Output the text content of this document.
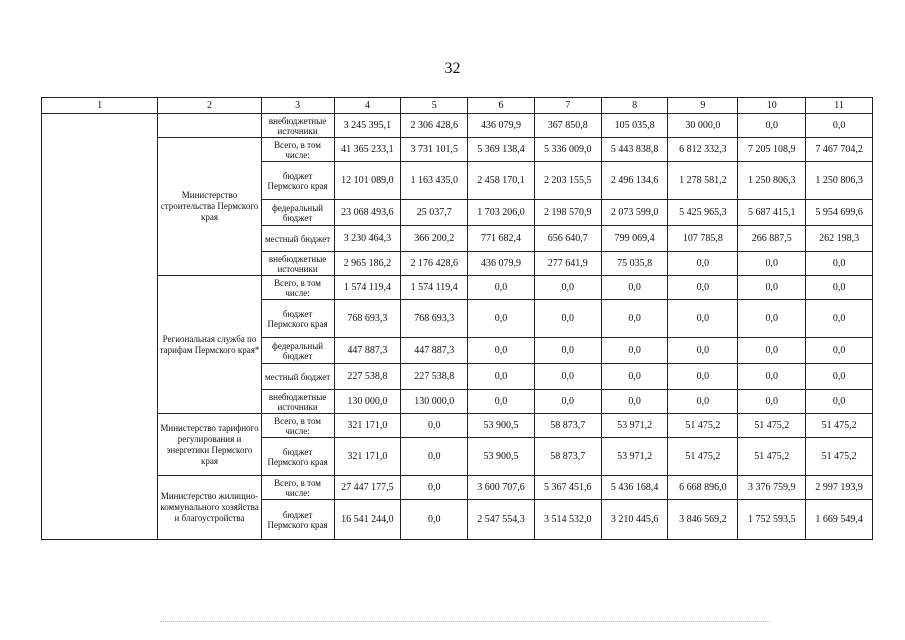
32
1	2	3	4	5	6	7	8	9	10	11
		внебюджетные источники	3 245 395,1	2 306 428,6	436 079,9	367 850,8	105 035,8	30 000,0	0,0	0,0
	Министерство строительства Пермского края	Всего, в том числе:	41 365 233,1	3 731 101,5	5 369 138,4	5 336 009,0	5 443 838,8	6 812 332,3	7 205 108,9	7 467 704,2
		бюджет Пермского края	12 101 089,0	1 163 435,0	2 458 170,1	2 203 155,5	2 496 134,6	1 278 581,2	1 250 806,3	1 250 806,3
		федеральный бюджет	23 068 493,6	25 037,7	1 703 206,0	2 198 570,9	2 073 599,0	5 425 965,3	5 687 415,1	5 954 699,6
		местный бюджет	3 230 464,3	366 200,2	771 682,4	656 640,7	799 069,4	107 785,8	266 887,5	262 198,3
		внебюджетные источники	2 965 186,2	2 176 428,6	436 079,9	277 641,9	75 035,8	0,0	0,0	0,0
	Региональная служба по тарифам Пермского края*	Всего, в том числе:	1 574 119,4	1 574 119,4	0,0	0,0	0,0	0,0	0,0	0,0
		бюджет Пермского края	768 693,3	768 693,3	0,0	0,0	0,0	0,0	0,0	0,0
		федеральный бюджет	447 887,3	447 887,3	0,0	0,0	0,0	0,0	0,0	0,0
		местный бюджет	227 538,8	227 538,8	0,0	0,0	0,0	0,0	0,0	0,0
		внебюджетные источники	130 000,0	130 000,0	0,0	0,0	0,0	0,0	0,0	0,0
	Министерство тарифного регулирования и энергетики Пермского края	Всего, в том числе:	321 171,0	0,0	53 900,5	58 873,7	53 971,2	51 475,2	51 475,2	51 475,2
		бюджет Пермского края	321 171,0	0,0	53 900,5	58 873,7	53 971,2	51 475,2	51 475,2	51 475,2
	Министерство жилищно-коммунального хозяйства и благоустройства	Всего, в том числе:	27 447 177,5	0,0	3 600 707,6	5 367 451,6	5 436 168,4	6 668 896,0	3 376 759,9	2 997 193,9
		бюджет Пермского края	16 541 244,0	0,0	2 547 554,3	3 514 532,0	3 210 445,6	3 846 569,2	1 752 593,5	1 669 549,4
